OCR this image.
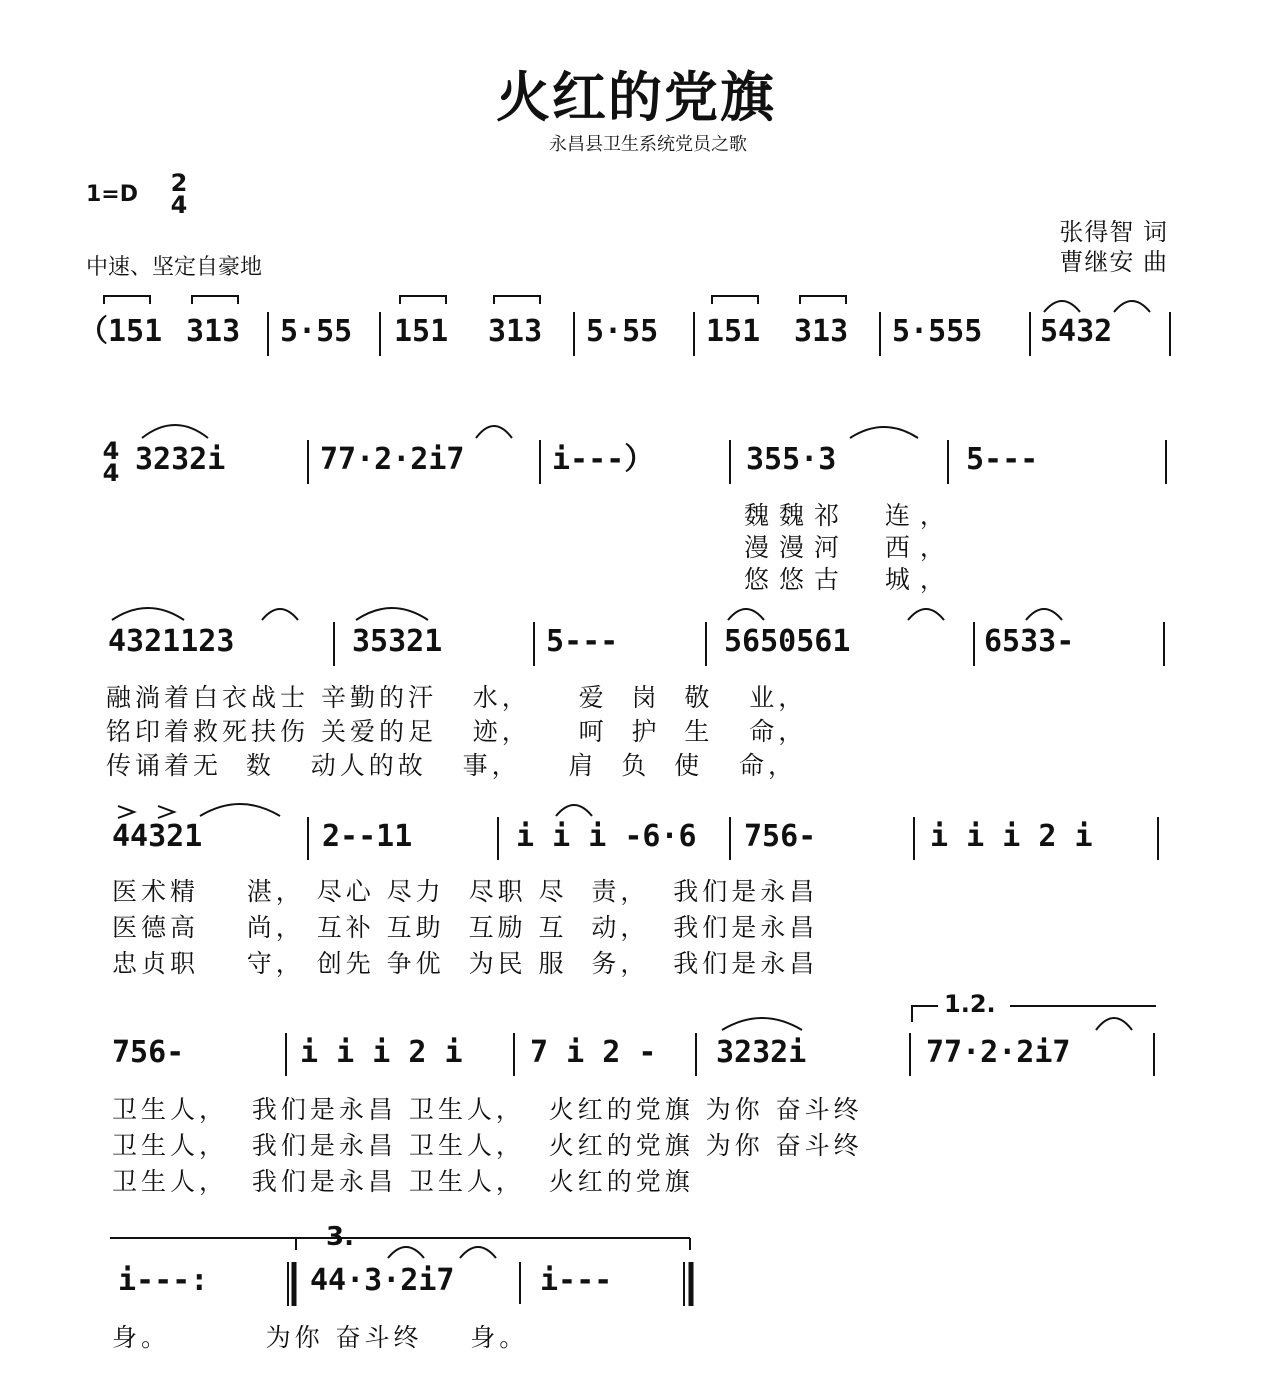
火红的党旗
永昌县卫生系统党员之歌
1=D 2
4
中速、坚定自豪地
张得智 词
曹继安 曲
（151 313 5·55 151 313 5·55 151 313 5·555 5432
4
4 3232i	77·2·2i7	i---）	355·3	5---
魏魏祁  连，
漫漫河  西，
悠悠古  城，
4321123	35321	5---	5650561	6533-
融淌着白衣战士 辛勤的汗   水，    爱  岗  敬   业，
铭印着救死扶伤 关爱的足   迹，    呵  护  生   命，
传诵着无  数   动人的故   事，    肩  负  使   命，
44321	2--11	i i i -6·6 756-	i i i 2 i
医术精    湛， 尽心 尽力  尽职 尽  责，  我们是永昌
医德高    尚， 互补 互助  互励 互  动，  我们是永昌
忠贞职    守， 创先 争优  为民 服  务，  我们是永昌
1.2.
756-	i i i 2 i 7 i 2 - 3232i	77·2·2i7
卫生人，  我们是永昌 卫生人，  火红的党旗 为你 奋斗终
卫生人，  我们是永昌 卫生人，  火红的党旗 为你 奋斗终
卫生人，  我们是永昌 卫生人，  火红的党旗
3.
i---:	44·3·2i7	i---
身。        为你 奋斗终    身。
